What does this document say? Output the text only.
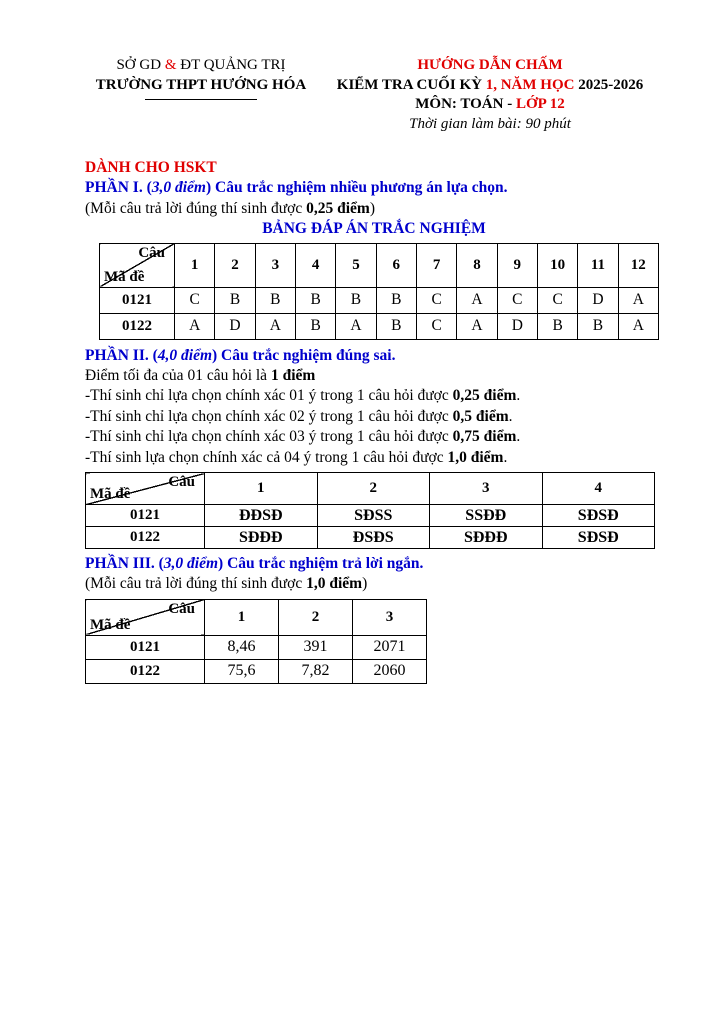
SỞ GD & ĐT QUẢNG TRỊ
TRƯỜNG THPT HƯỚNG HÓA
HƯỚNG DẪN CHẤM
KIỂM TRA CUỐI KỲ 1, NĂM HỌC 2025-2026
MÔN: TOÁN - LỚP 12
Thời gian làm bài: 90 phút
DÀNH CHO HSKT
PHẦN I. (3,0 điểm) Câu trắc nghiệm nhiều phương án lựa chọn.
(Mỗi câu trả lời đúng thí sinh được 0,25 điểm)
BẢNG ĐÁP ÁN TRẮC NGHIỆM
Câu
Mã đề	1	2	3	4	5	6	7	8	9	10	11	12
0121	C	B	B	B	B	B	C	A	C	C	D	A
0122	A	D	A	B	A	B	C	A	D	B	B	A
PHẦN II. (4,0 điểm) Câu trắc nghiệm đúng sai.
Điểm tối đa của 01 câu hỏi là 1 điểm
-Thí sinh chỉ lựa chọn chính xác 01 ý trong 1 câu hỏi được 0,25 điểm.
-Thí sinh chỉ lựa chọn chính xác 02 ý trong 1 câu hỏi được 0,5 điểm.
-Thí sinh chỉ lựa chọn chính xác 03 ý trong 1 câu hỏi được 0,75 điểm.
-Thí sinh lựa chọn chính xác cả 04 ý trong 1 câu hỏi được 1,0 điểm.
Câu
Mã đề	1	2	3	4
0121	ĐĐSĐ	SĐSS	SSĐĐ	SĐSĐ
0122	SĐĐĐ	ĐSĐS	SĐĐĐ	SĐSĐ
PHẦN III. (3,0 điểm) Câu trắc nghiệm trả lời ngắn.
(Mỗi câu trả lời đúng thí sinh được 1,0 điểm)
Câu
Mã đề	1	2	3
0121	8,46	391	2071
0122	75,6	7,82	2060
